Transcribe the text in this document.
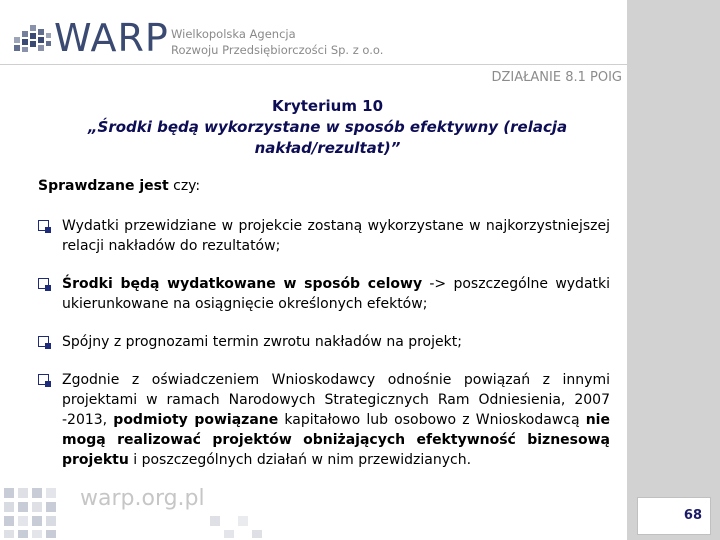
WARP Wielkopolska Agencja
Rozwoju Przedsiębiorczości Sp. z o.o.
DZIAŁANIE 8.1 POIG
Kryterium 10
„Środki będą wykorzystane w sposób efektywny (relacja nakład/rezultat)”
Sprawdzane jest czy:
Wydatki przewidziane w projekcie zostaną wykorzystane w najkorzystniejszej relacji nakładów do rezultatów;
Środki będą wydatkowane w sposób celowy -> poszczególne wydatki ukierunkowane na osiągnięcie określonych efektów;
Spójny z prognozami termin zwrotu nakładów na projekt;
Zgodnie z oświadczeniem Wnioskodawcy odnośnie powiązań z innymi projektami w ramach Narodowych Strategicznych Ram Odniesienia, 2007 -2013, podmioty powiązane kapitałowo lub osobowo z Wnioskodawcą nie mogą realizować projektów obniżających efektywność biznesową projektu i poszczególnych działań w nim przewidzianych.
warp.org.pl
68
